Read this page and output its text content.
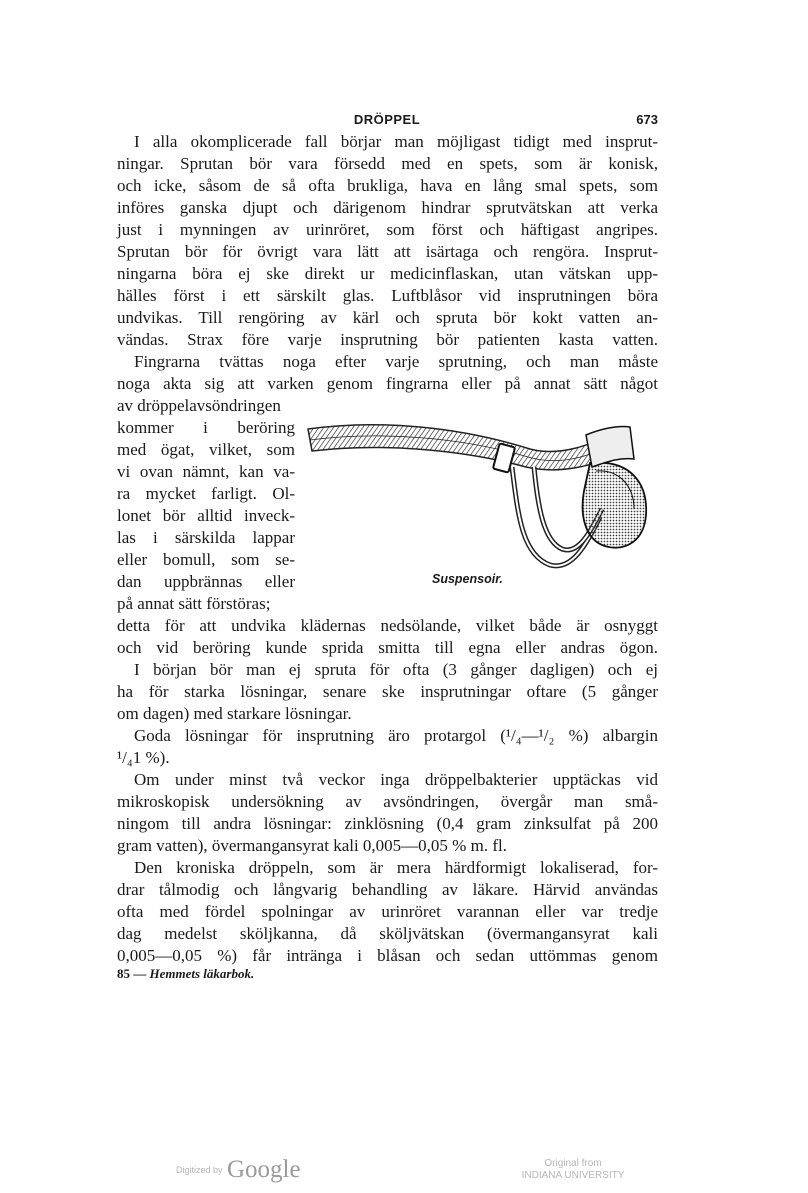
DRÖPPEL	673
I alla okomplicerade fall börjar man möjligast tidigt med insprut-
ningar. Sprutan bör vara försedd med en spets, som är konisk,
och icke, såsom de så ofta brukliga, hava en lång smal spets, som
införes ganska djupt och därigenom hindrar sprutvätskan att verka
just i mynningen av urinröret, som först och häftigast angripes.
Sprutan bör för övrigt vara lätt att isärtaga och rengöra. Insprut-
ningarna böra ej ske direkt ur medicinflaskan, utan vätskan upp-
hälles först i ett särskilt glas. Luftblåsor vid insprutningen böra
undvikas. Till rengöring av kärl och spruta bör kokt vatten an-
vändas. Strax före varje insprutning bör patienten kasta vatten.
Fingrarna tvättas noga efter varje sprutning, och man måste
noga akta sig att varken genom fingrarna eller på annat sätt något
av dröppelavsöndringen
kommer i beröring
med ögat, vilket, som
vi ovan nämnt, kan va-
ra mycket farligt. Ol-
lonet bör alltid inveck-
las i särskilda lappar
eller bomull, som se-
dan uppbrännas eller
på annat sätt förstöras;
Suspensoir.
detta för att undvika klädernas nedsölande, vilket både är osnyggt
och vid beröring kunde sprida smitta till egna eller andras ögon.
I början bör man ej spruta för ofta (3 gånger dagligen) och ej
ha för starka lösningar, senare ske insprutningar oftare (5 gånger
om dagen) med starkare lösningar.
Goda lösningar för insprutning äro protargol (¹/₄—¹/₂ %) albargin
¹/₄1 %).
Om under minst två veckor inga dröppelbakterier upptäckas vid
mikroskopisk undersökning av avsöndringen, övergår man små-
ningom till andra lösningar: zinklösning (0,4 gram zinksulfat på 200
gram vatten), övermangansyrat kali 0,005—0,05 % m. fl.
Den kroniska dröppeln, som är mera härdformigt lokaliserad, for-
drar tålmodig och långvarig behandling av läkare. Härvid användas
ofta med fördel spolningar av urinröret varannan eller var tredje
dag medelst sköljkanna, då sköljvätskan (övermangansyrat kali
0,005—0,05 %) får inträngа i blåsan och sedan uttömmas genom
85 — Hemmets läkarbok.
Digitized by Google	Original from
INDIANA UNIVERSITY
